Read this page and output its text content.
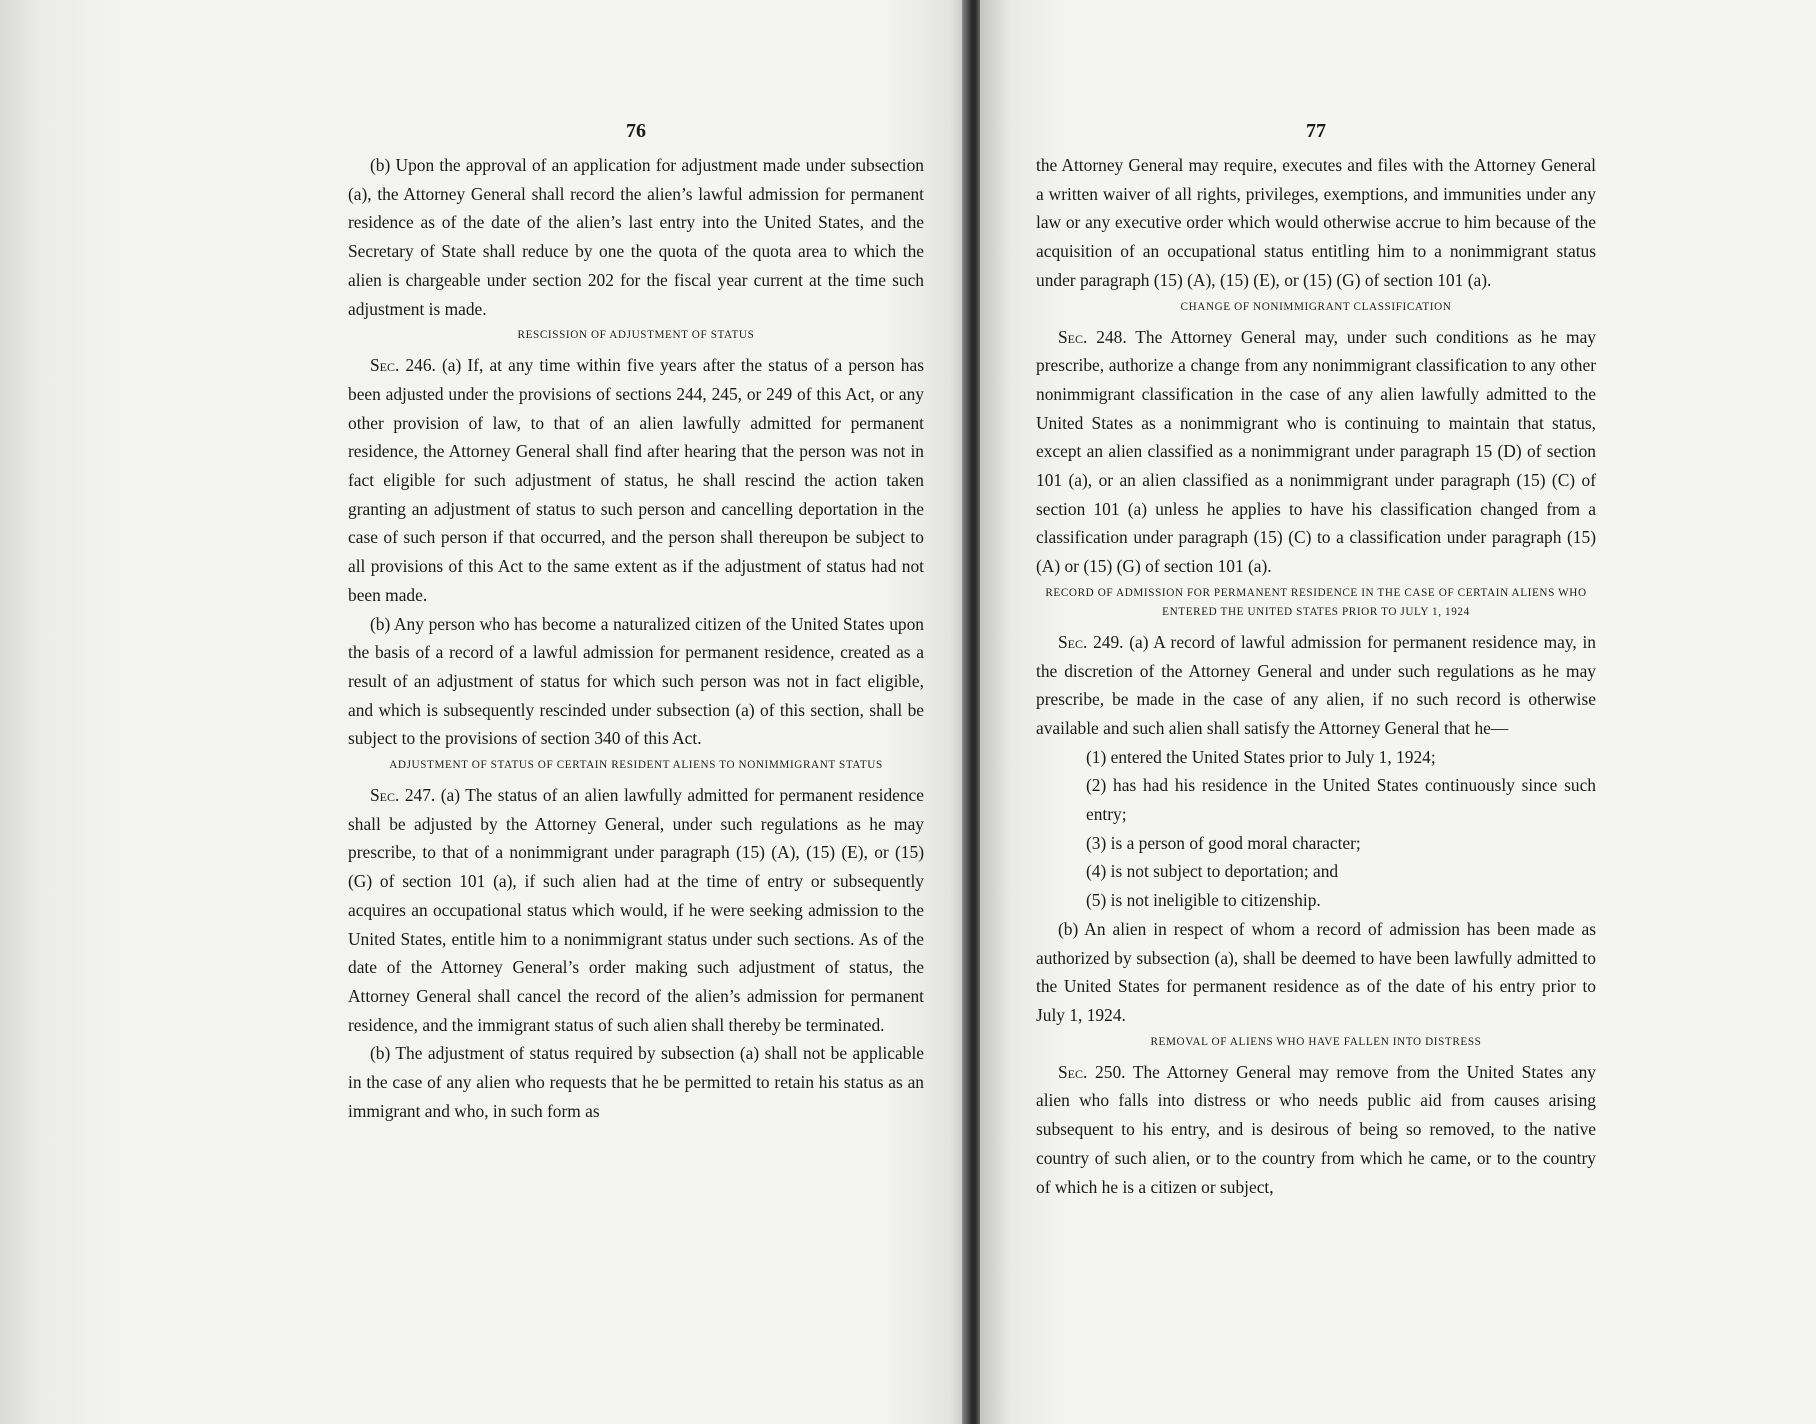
76

(b) Upon the approval of an application for adjustment made under subsection (a), the Attorney General shall record the alien’s lawful admission for permanent residence as of the date of the alien’s last entry into the United States, and the Secretary of State shall reduce by one the quota of the quota area to which the alien is chargeable under section 202 for the fiscal year current at the time such adjustment is made.

RESCISSION OF ADJUSTMENT OF STATUS

Sec. 246. (a) If, at any time within five years after the status of a person has been adjusted under the provisions of sections 244, 245, or 249 of this Act, or any other provision of law, to that of an alien lawfully admitted for permanent residence, the Attorney General shall find after hearing that the person was not in fact eligible for such adjustment of status, he shall rescind the action taken granting an adjustment of status to such person and cancelling deportation in the case of such person if that occurred, and the person shall thereupon be subject to all provisions of this Act to the same extent as if the adjustment of status had not been made.

(b) Any person who has become a naturalized citizen of the United States upon the basis of a record of a lawful admission for permanent residence, created as a result of an adjustment of status for which such person was not in fact eligible, and which is subsequently rescinded under subsection (a) of this section, shall be subject to the provisions of section 340 of this Act.

ADJUSTMENT OF STATUS OF CERTAIN RESIDENT ALIENS TO NONIMMIGRANT STATUS

Sec. 247. (a) The status of an alien lawfully admitted for permanent residence shall be adjusted by the Attorney General, under such regulations as he may prescribe, to that of a nonimmigrant under paragraph (15) (A), (15) (E), or (15) (G) of section 101 (a), if such alien had at the time of entry or subsequently acquires an occupational status which would, if he were seeking admission to the United States, entitle him to a nonimmigrant status under such sections. As of the date of the Attorney General’s order making such adjustment of status, the Attorney General shall cancel the record of the alien’s admission for permanent residence, and the immigrant status of such alien shall thereby be terminated.

(b) The adjustment of status required by subsection (a) shall not be applicable in the case of any alien who requests that he be permitted to retain his status as an immigrant and who, in such form as

77

the Attorney General may require, executes and files with the Attorney General a written waiver of all rights, privileges, exemptions, and immunities under any law or any executive order which would otherwise accrue to him because of the acquisition of an occupational status entitling him to a nonimmigrant status under paragraph (15) (A), (15) (E), or (15) (G) of section 101 (a).

CHANGE OF NONIMMIGRANT CLASSIFICATION

Sec. 248. The Attorney General may, under such conditions as he may prescribe, authorize a change from any nonimmigrant classification to any other nonimmigrant classification in the case of any alien lawfully admitted to the United States as a nonimmigrant who is continuing to maintain that status, except an alien classified as a nonimmigrant under paragraph 15 (D) of section 101 (a), or an alien classified as a nonimmigrant under paragraph (15) (C) of section 101 (a) unless he applies to have his classification changed from a classification under paragraph (15) (C) to a classification under paragraph (15) (A) or (15) (G) of section 101 (a).

RECORD OF ADMISSION FOR PERMANENT RESIDENCE IN THE CASE OF CERTAIN ALIENS WHO ENTERED THE UNITED STATES PRIOR TO JULY 1, 1924

Sec. 249. (a) A record of lawful admission for permanent residence may, in the discretion of the Attorney General and under such regulations as he may prescribe, be made in the case of any alien, if no such record is otherwise available and such alien shall satisfy the Attorney General that he—

(1) entered the United States prior to July 1, 1924;

(2) has had his residence in the United States continuously since such entry;

(3) is a person of good moral character;

(4) is not subject to deportation; and

(5) is not ineligible to citizenship.

(b) An alien in respect of whom a record of admission has been made as authorized by subsection (a), shall be deemed to have been lawfully admitted to the United States for permanent residence as of the date of his entry prior to July 1, 1924.

REMOVAL OF ALIENS WHO HAVE FALLEN INTO DISTRESS

Sec. 250. The Attorney General may remove from the United States any alien who falls into distress or who needs public aid from causes arising subsequent to his entry, and is desirous of being so removed, to the native country of such alien, or to the country from which he came, or to the country of which he is a citizen or subject,
